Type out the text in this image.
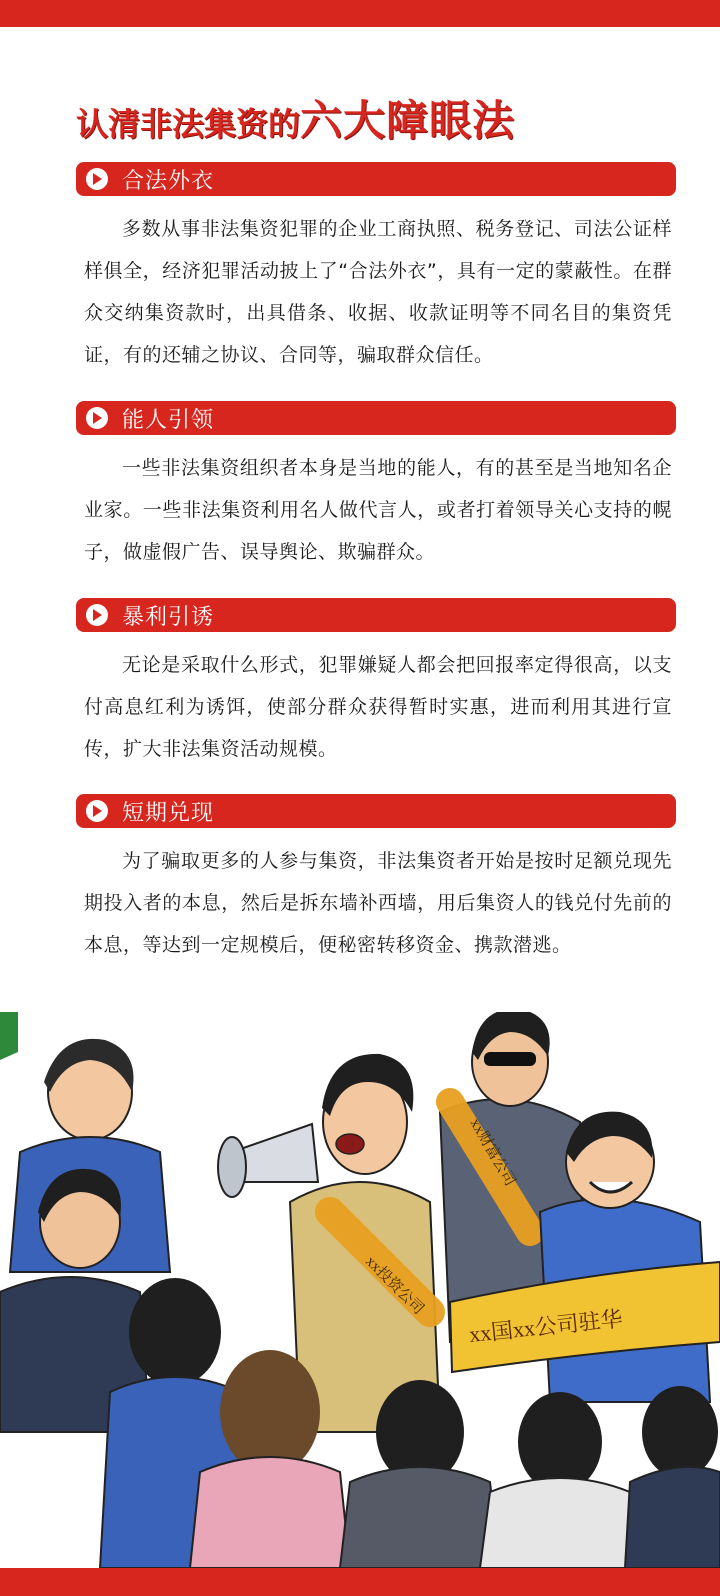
认清非法集资的六大障眼法
合法外衣

多数从事非法集资犯罪的企业工商执照、税务登记、司法公证样样俱全，经济犯罪活动披上了“合法外衣”，具有一定的蒙蔽性。在群众交纳集资款时，出具借条、收据、收款证明等不同名目的集资凭证，有的还辅之协议、合同等，骗取群众信任。

能人引领

一些非法集资组织者本身是当地的能人，有的甚至是当地知名企业家。一些非法集资利用名人做代言人，或者打着领导关心支持的幌子，做虚假广告、误导舆论、欺骗群众。

暴利引诱

无论是采取什么形式，犯罪嫌疑人都会把回报率定得很高，以支付高息红利为诱饵，使部分群众获得暂时实惠，进而利用其进行宣传，扩大非法集资活动规模。

短期兑现

为了骗取更多的人参与集资，非法集资者开始是按时足额兑现先期投入者的本息，然后是拆东墙补西墙，用后集资人的钱兑付先前的本息，等达到一定规模后，便秘密转移资金、携款潜逃。

xx投资公司
xx财富公司
xx国xx公司驻华
